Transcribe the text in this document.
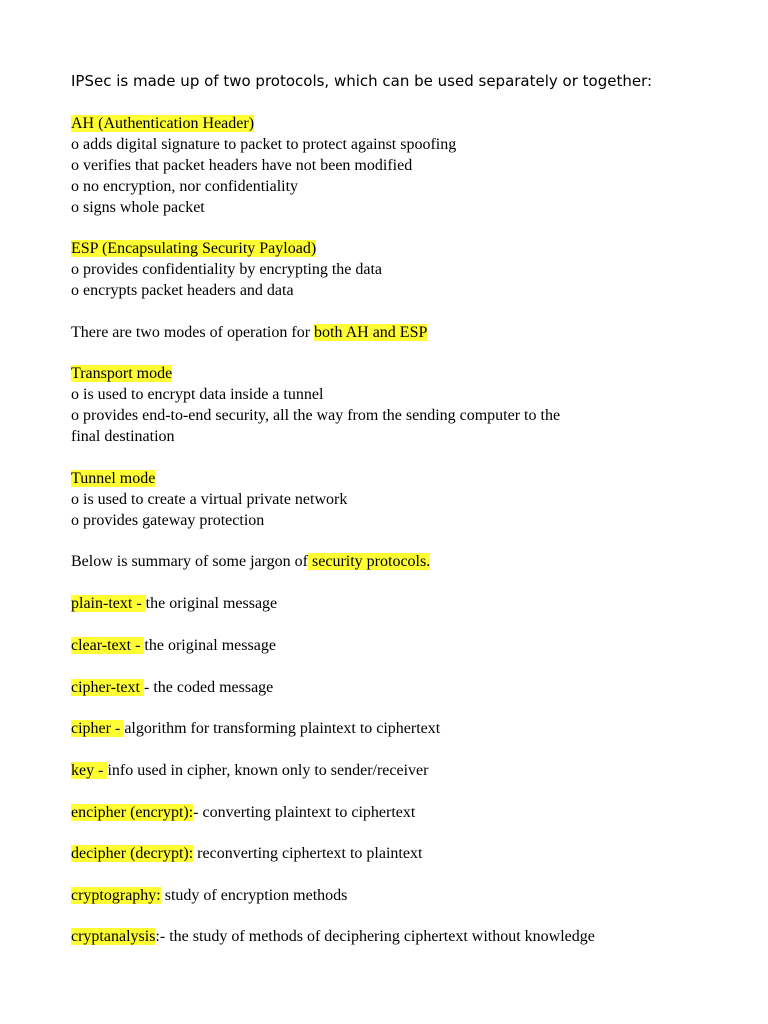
IPSec is made up of two protocols, which can be used separately or together:
AH (Authentication Header)
o adds digital signature to packet to protect against spoofing
o verifies that packet headers have not been modified
o no encryption, nor confidentiality
o signs whole packet
ESP (Encapsulating Security Payload)
o provides confidentiality by encrypting the data
o encrypts packet headers and data
There are two modes of operation for both AH and ESP
Transport mode
o is used to encrypt data inside a tunnel
o provides end-to-end security, all the way from the sending computer to the
final destination
Tunnel mode
o is used to create a virtual private network
o provides gateway protection
Below is summary of some jargon of security protocols.
plain-text - the original message
clear-text - the original message
cipher-text - the coded message
cipher - algorithm for transforming plaintext to ciphertext
key - info used in cipher, known only to sender/receiver
encipher (encrypt):- converting plaintext to ciphertext
decipher (decrypt): reconverting ciphertext to plaintext
cryptography: study of encryption methods
cryptanalysis:- the study of methods of deciphering ciphertext without knowledge
